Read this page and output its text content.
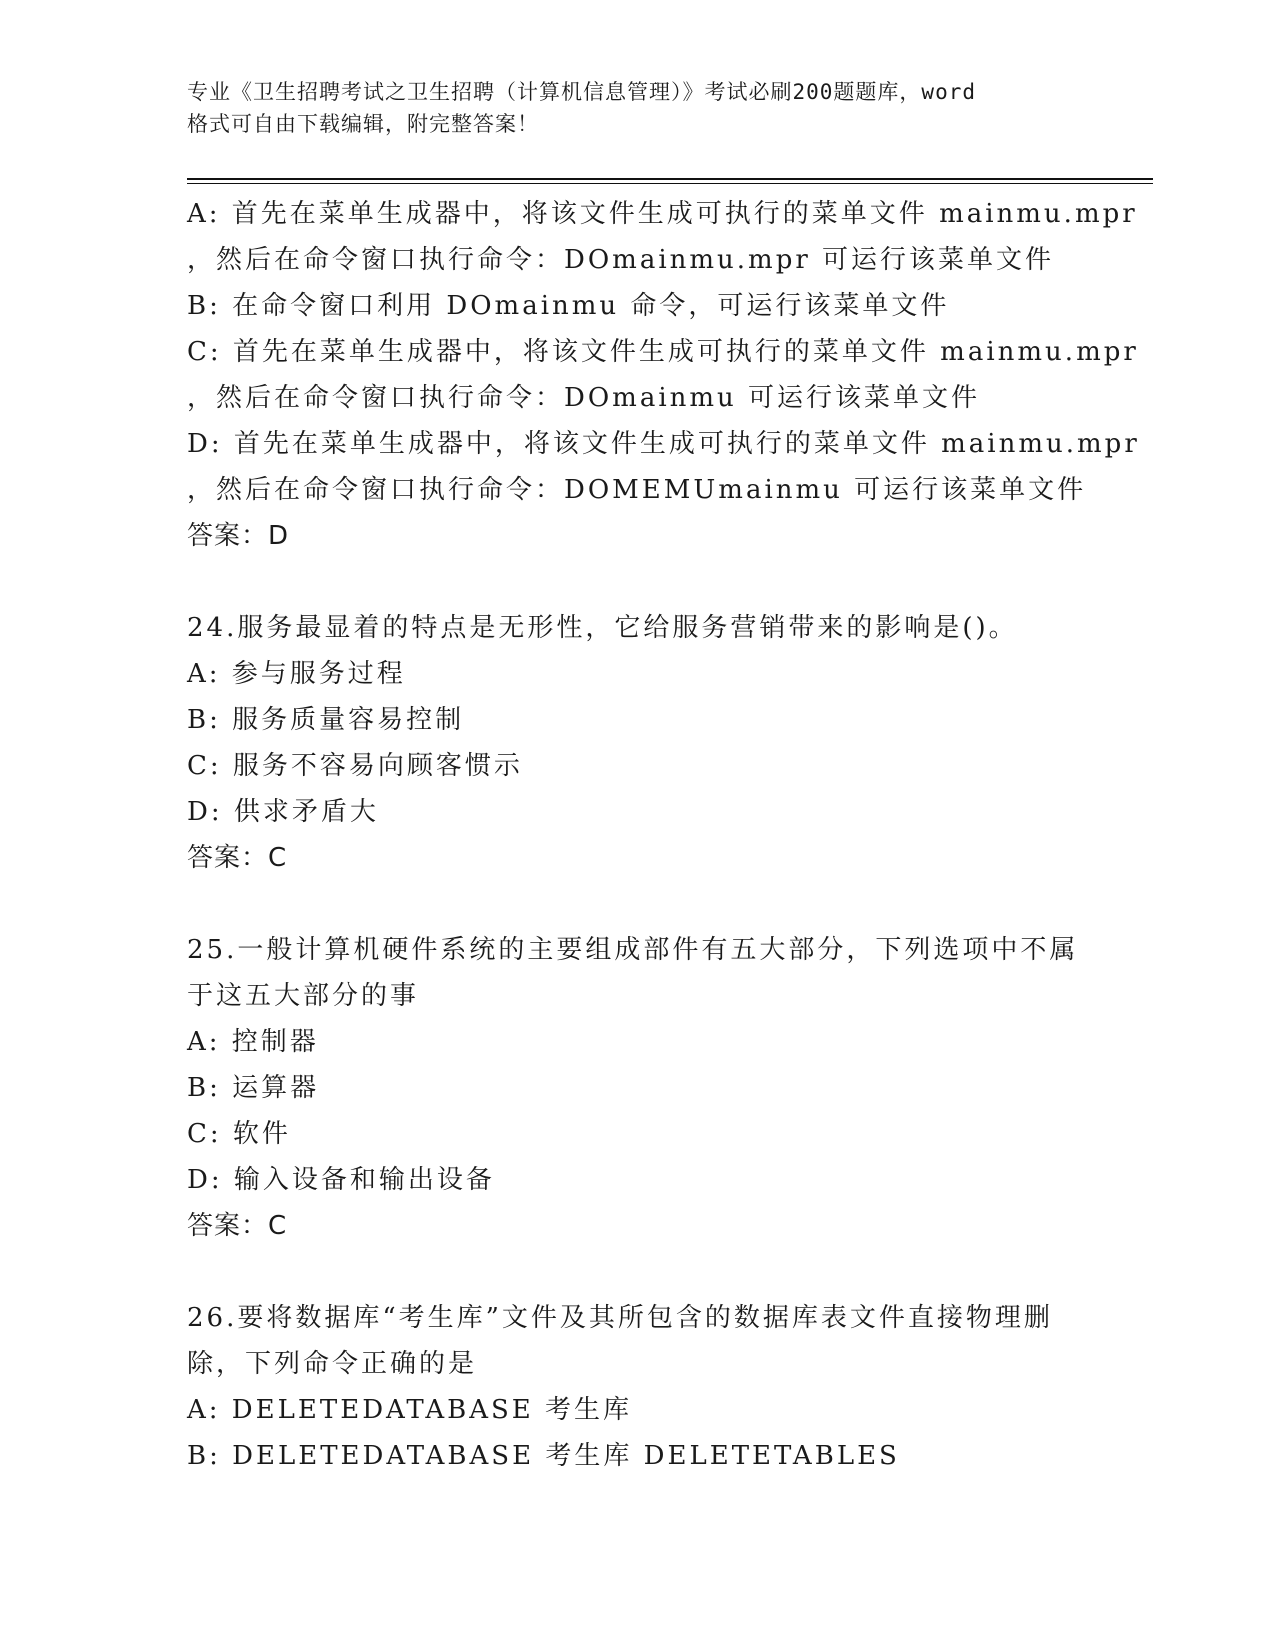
专业《卫生招聘考试之卫生招聘（计算机信息管理）》考试必刷200题题库，word
格式可自由下载编辑，附完整答案！
A: 首先在菜单生成器中，将该文件生成可执行的菜单文件 mainmu.mpr
，然后在命令窗口执行命令：DOmainmu.mpr 可运行该菜单文件
B: 在命令窗口利用 DOmainmu 命令，可运行该菜单文件
C: 首先在菜单生成器中，将该文件生成可执行的菜单文件 mainmu.mpr
，然后在命令窗口执行命令：DOmainmu 可运行该菜单文件
D: 首先在菜单生成器中，将该文件生成可执行的菜单文件 mainmu.mpr
，然后在命令窗口执行命令：DOMEMUmainmu 可运行该菜单文件
答案：D
24.服务最显着的特点是无形性，它给服务营销带来的影响是()。
A: 参与服务过程
B: 服务质量容易控制
C: 服务不容易向顾客惯示
D: 供求矛盾大
答案：C
25.一般计算机硬件系统的主要组成部件有五大部分，下列选项中不属
于这五大部分的事
A: 控制器
B: 运算器
C: 软件
D: 输入设备和输出设备
答案：C
26.要将数据库“考生库”文件及其所包含的数据库表文件直接物理删
除，下列命令正确的是
A: DELETEDATABASE 考生库
B: DELETEDATABASE 考生库 DELETETABLES
